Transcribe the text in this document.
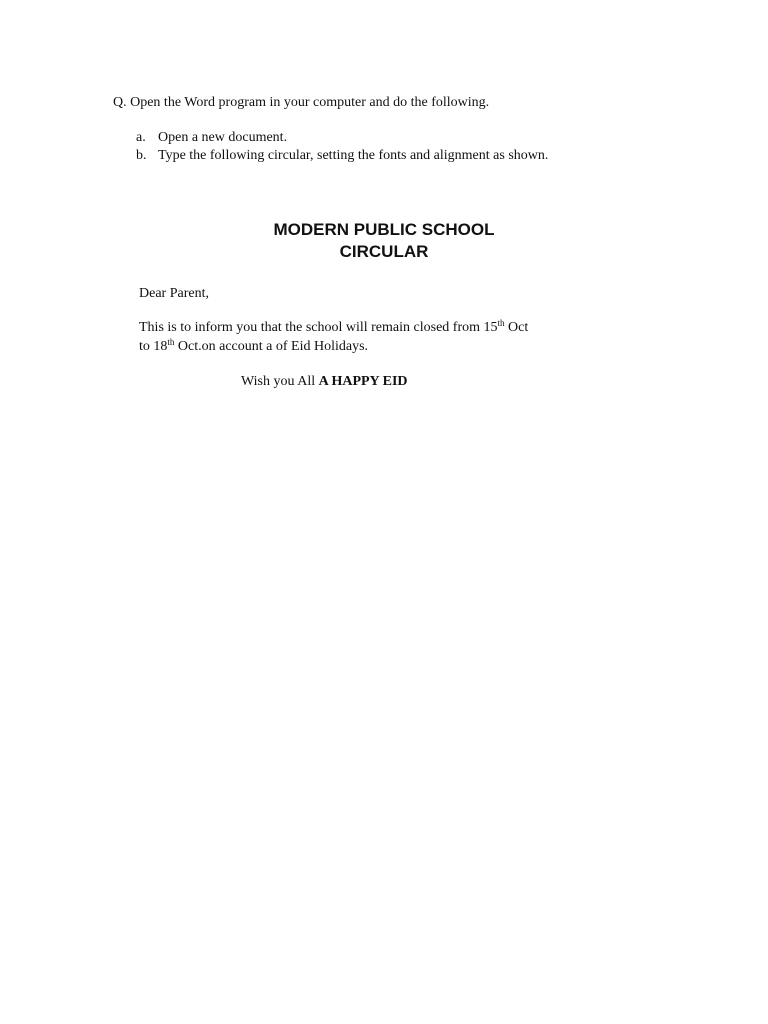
Q. Open the Word program in your computer and do the following.
a. Open a new document.
b. Type the following circular, setting the fonts and alignment as shown.
MODERN PUBLIC SCHOOL
CIRCULAR
Dear Parent,
This is to inform you that the school will remain closed from 15th Oct
to 18th Oct.on account a of Eid Holidays.
Wish you All A HAPPY EID
